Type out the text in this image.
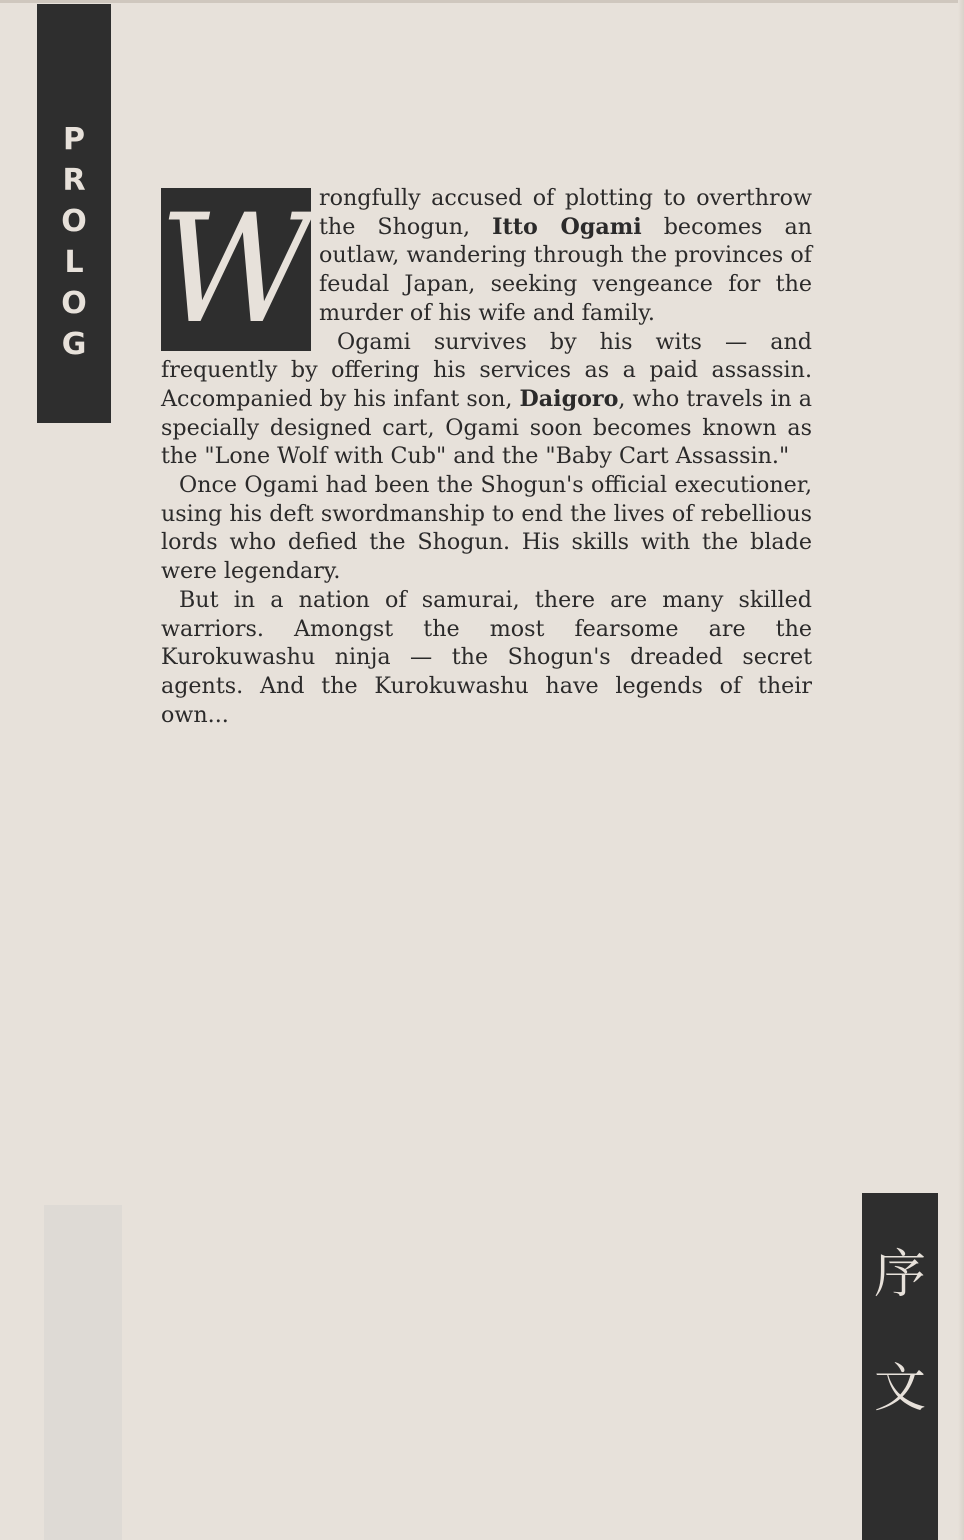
P
R
O
L
O
G
序
文
W rongfully accused of plotting to overthrow the Shogun, Itto Ogami becomes an outlaw, wandering through the provinces of feudal Japan, seeking vengeance for the murder of his wife and family.

Ogami survives by his wits — and frequently by offering his services as a paid assassin. Accompanied by his infant son, Daigoro, who travels in a specially designed cart, Ogami soon becomes known as the "Lone Wolf with Cub" and the "Baby Cart Assassin."

Once Ogami had been the Shogun's official executioner, using his deft swordmanship to end the lives of rebellious lords who defied the Shogun. His skills with the blade were legendary.

But in a nation of samurai, there are many skilled warriors. Amongst the most fearsome are the Kurokuwashu ninja — the Shogun's dreaded secret agents. And the Kurokuwashu have legends of their own...
